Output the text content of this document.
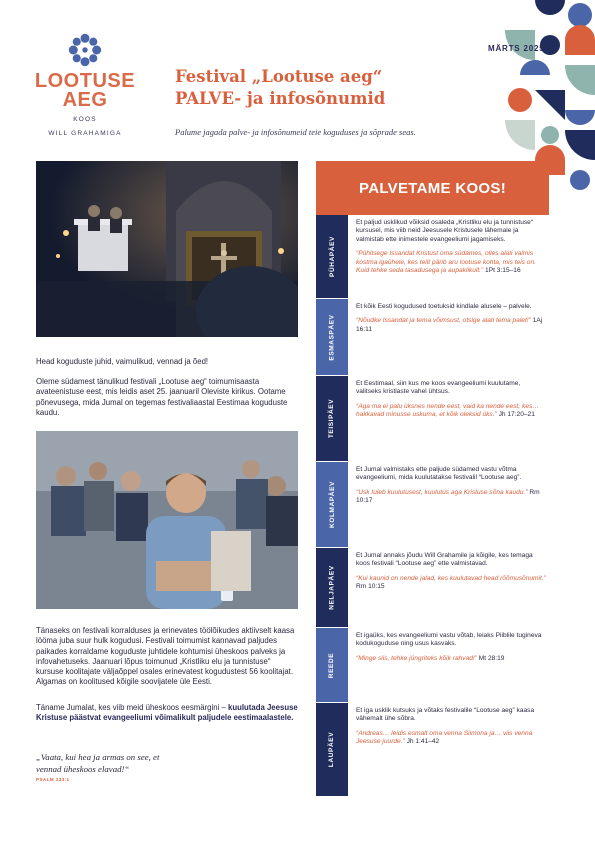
LOOTUSE
AEG
KOOS
WILL GRAHAMIGA
MÄRTS 2025
Festival „Lootuse aeg“
PALVE- ja infosõnumid
Palume jagada palve- ja infosõnumeid teie koguduses ja sõprade seas.
Head koguduste juhid, vaimulikud, vennad ja õed!
Oleme südamest tänulikud festivali „Lootuse aeg“ toimumisaasta avateenistuse eest, mis leidis aset 25. jaanuaril Oleviste kirikus. Ootame põnevusega, mida Jumal on tegemas festivaliaastal Eestimaa koguduste kaudu.
Tänaseks on festivali korralduses ja erinevates töölõikudes aktiivselt kaasa lööma juba suur hulk kogudusi. Festivali toimumist kannavad paljudes paikades korraldame koguduste juhtidele kohtumisi üheskoos palveks ja infovahetuseks. Jaanuari lõpus toimunud „Kristliku elu ja tunnistuse“ kursuse koolitajate väljaõppel osales erinevatest kogudustest 56 koolitajat. Algamas on koolitused kõigile soovijatele üle Eesti.
Täname Jumalat, kes viib meid üheskoos eesmärgini – kuulutada Jeesuse Kristuse päästvat evangeeliumi võimalikult paljudele eestimaalastele.
„Vaata, kui hea ja armas on see, et
vennad üheskoos elavad!“
PSALM 133:1
PALVETAME KOOS!
PÜHAPÄEV
Et paljud usklikud võiksid osaleda „Kristliku elu ja tunnistuse“ kursusel, mis viib neid Jeesusele Kristusele lähemale ja valmistab ette inimestele evangeeliumi jagamiseks.
“Pühitsege Issandat Kristust oma südames, olles alati valmis kostma igaühele, kes teilt pärib aru lootuse kohta, mis teis on. Kuid tehke seda tasadusega ja aupaklikult.” 1Pt 3:15–16
ESMASPÄEV
Et kõik Eesti kogudused toetuksid kindlale alusele – palvele.
“Nõudke Issandat ja tema võimsust, otsige alati tema palet!” 1Aj 16:11
TEISIPÄEV
Et Eestimaal, siin kus me koos evangeeliumi kuulutame, valitseks kristlaste vahel ühtsus.
“Aga ma ei palu üksnes nende eest, vaid ka nende eest, kes… hakkavad minusse uskuma, et kõik oleksid üks.” Jh 17:20–21
KOLMAPÄEV
Et Jumal valmistaks ette paljude südamed vastu võtma evangeeliumi, mida kuulutatakse festivalil “Lootuse aeg”.
“Usk tuleb kuulutusest, kuulutus aga Kristuse sõna kaudu.” Rm 10:17
NELJAPÄEV
Et Jumal annaks jõudu Will Grahamile ja kõigile, kes temaga koos festivali “Lootuse aeg” ette valmistavad.
“Kui kaunid on nende jalad, kes kuulutavad head rõõmusõnumit.” Rm 10:15
REEDE
Et igaüks, kes evangeeliumi vastu võtab, leiaks Piiblile tugineva kodukoguduse ning usus kasvaks.
“Minge siis, tehke jüngriteks kõik rahvad!” Mt 28:19
LAUPÄEV
Et iga usklik kutsuks ja võtaks festivalile “Lootuse aeg” kaasa vähemalt ühe sõbra.
“Andreas… leidis esmalt oma venna Siimona ja… viis venna Jeesuse juurde.” Jh 1:41–42
